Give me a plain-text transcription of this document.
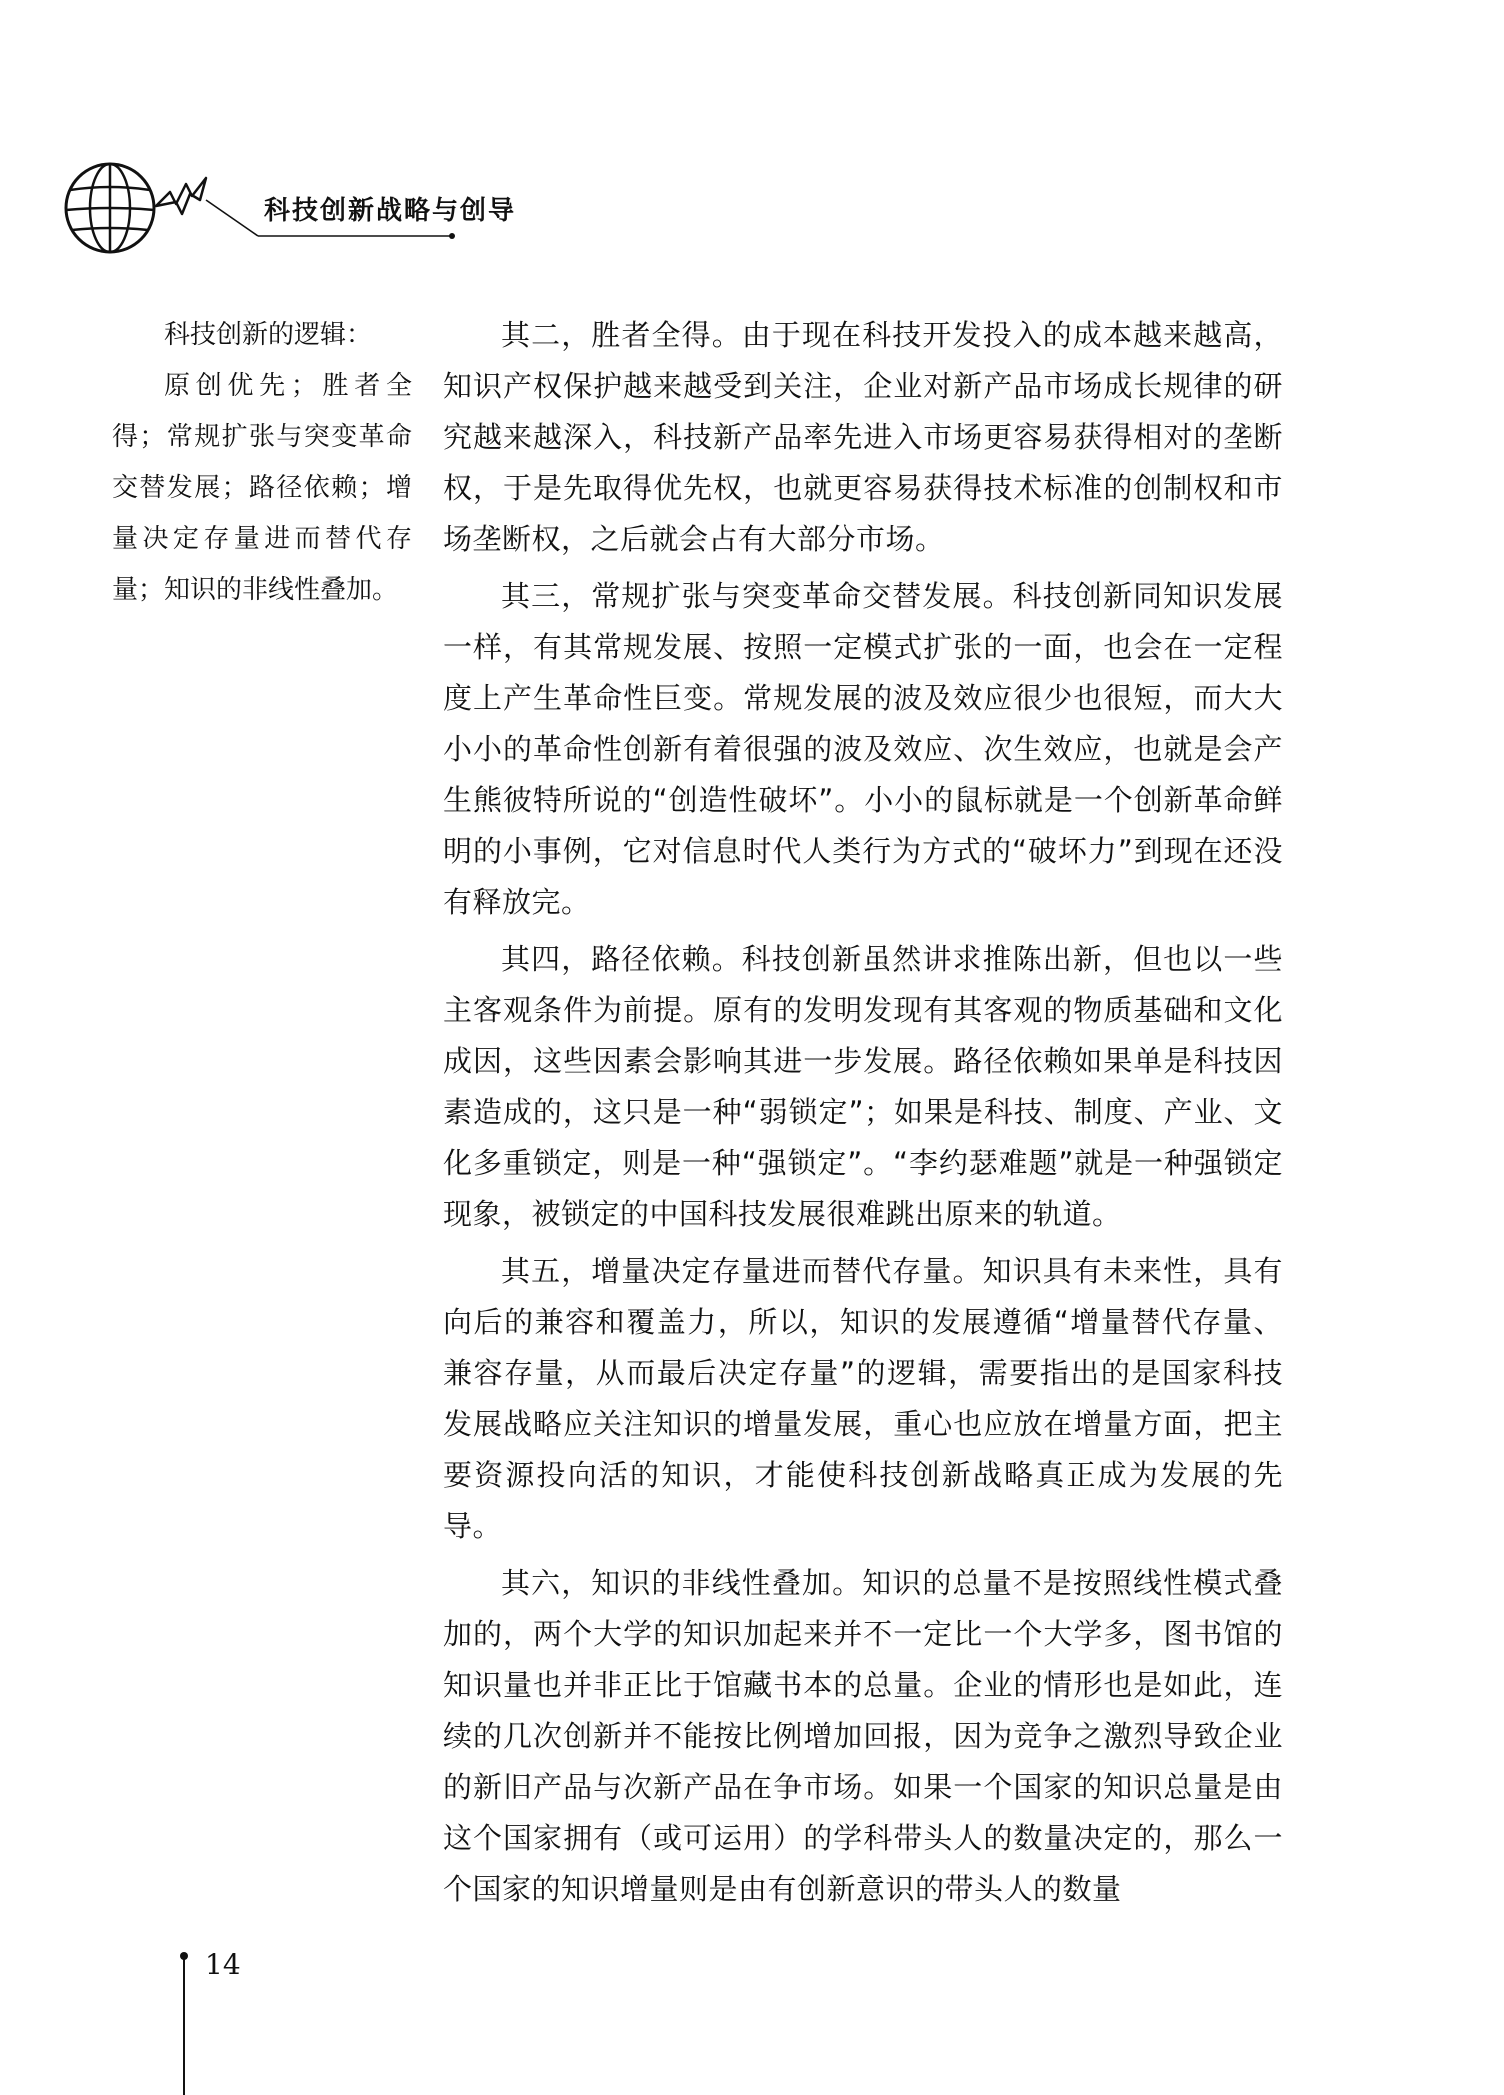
科技创新战略与创导

科技创新的逻辑：

原创优先；胜者全得；常规扩张与突变革命交替发展；路径依赖；增量决定存量进而替代存量；知识的非线性叠加。

其二，胜者全得。由于现在科技开发投入的成本越来越高，知识产权保护越来越受到关注，企业对新产品市场成长规律的研究越来越深入，科技新产品率先进入市场更容易获得相对的垄断权，于是先取得优先权，也就更容易获得技术标准的创制权和市场垄断权，之后就会占有大部分市场。

其三，常规扩张与突变革命交替发展。科技创新同知识发展一样，有其常规发展、按照一定模式扩张的一面，也会在一定程度上产生革命性巨变。常规发展的波及效应很少也很短，而大大小小的革命性创新有着很强的波及效应、次生效应，也就是会产生熊彼特所说的“创造性破坏”。小小的鼠标就是一个创新革命鲜明的小事例，它对信息时代人类行为方式的“破坏力”到现在还没有释放完。

其四，路径依赖。科技创新虽然讲求推陈出新，但也以一些主客观条件为前提。原有的发明发现有其客观的物质基础和文化成因，这些因素会影响其进一步发展。路径依赖如果单是科技因素造成的，这只是一种“弱锁定”；如果是科技、制度、产业、文化多重锁定，则是一种“强锁定”。“李约瑟难题”就是一种强锁定现象，被锁定的中国科技发展很难跳出原来的轨道。

其五，增量决定存量进而替代存量。知识具有未来性，具有向后的兼容和覆盖力，所以，知识的发展遵循“增量替代存量、兼容存量，从而最后决定存量”的逻辑，需要指出的是国家科技发展战略应关注知识的增量发展，重心也应放在增量方面，把主要资源投向活的知识，才能使科技创新战略真正成为发展的先导。

其六，知识的非线性叠加。知识的总量不是按照线性模式叠加的，两个大学的知识加起来并不一定比一个大学多，图书馆的知识量也并非正比于馆藏书本的总量。企业的情形也是如此，连续的几次创新并不能按比例增加回报，因为竞争之激烈导致企业的新旧产品与次新产品在争市场。如果一个国家的知识总量是由这个国家拥有（或可运用）的学科带头人的数量决定的，那么一个国家的知识增量则是由有创新意识的带头人的数量

14
